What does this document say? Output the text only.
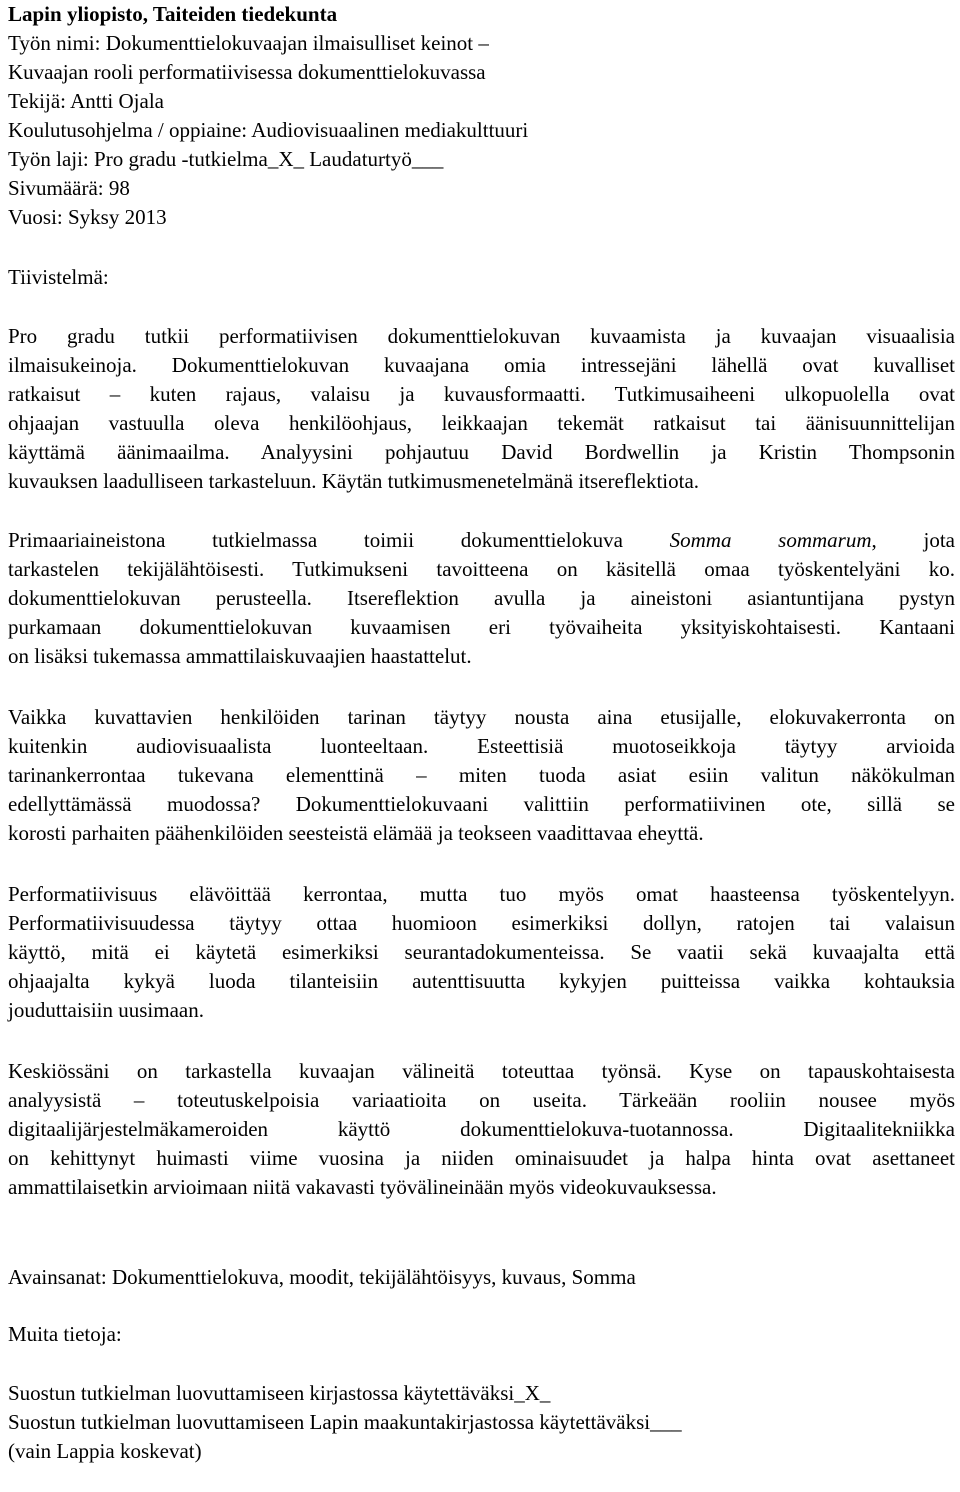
Lapin yliopisto, Taiteiden tiedekunta
Työn nimi: Dokumenttielokuvaajan ilmaisulliset keinot –
Kuvaajan rooli performatiivisessa dokumenttielokuvassa
Tekijä: Antti Ojala
Koulutusohjelma / oppiaine: Audiovisuaalinen mediakulttuuri
Työn laji: Pro gradu -tutkielma_X_ Laudaturtyö___
Sivumäärä: 98
Vuosi: Syksy 2013
Tiivistelmä:
Pro gradu tutkii performatiivisen dokumenttielokuvan kuvaamista ja kuvaajan visuaalisia
ilmaisukeinoja. Dokumenttielokuvan kuvaajana omia intressejäni lähellä ovat kuvalliset
ratkaisut – kuten rajaus, valaisu ja kuvausformaatti. Tutkimusaiheeni ulkopuolella ovat
ohjaajan vastuulla oleva henkilöohjaus, leikkaajan tekemät ratkaisut tai äänisuunnittelijan
käyttämä äänimaailma. Analyysini pohjautuu David Bordwellin ja Kristin Thompsonin
kuvauksen laadulliseen tarkasteluun. Käytän tutkimusmenetelmänä itsereflektiota.
Primaariaineistona tutkielmassa toimii dokumenttielokuva Somma sommarum, jota
tarkastelen tekijälähtöisesti. Tutkimukseni tavoitteena on käsitellä omaa työskentelyäni ko.
dokumenttielokuvan perusteella. Itsereflektion avulla ja aineistoni asiantuntijana pystyn
purkamaan dokumenttielokuvan kuvaamisen eri työvaiheita yksityiskohtaisesti. Kantaani
on lisäksi tukemassa ammattilaiskuvaajien haastattelut.
Vaikka kuvattavien henkilöiden tarinan täytyy nousta aina etusijalle, elokuvakerronta on
kuitenkin audiovisuaalista luonteeltaan. Esteettisiä muotoseikkoja täytyy arvioida
tarinankerrontaa tukevana elementtinä – miten tuoda asiat esiin valitun näkökulman
edellyttämässä muodossa? Dokumenttielokuvaani valittiin performatiivinen ote, sillä se
korosti parhaiten päähenkilöiden seesteistä elämää ja teokseen vaadittavaa eheyttä.
Performatiivisuus elävöittää kerrontaa, mutta tuo myös omat haasteensa työskentelyyn.
Performatiivisuudessa täytyy ottaa huomioon esimerkiksi dollyn, ratojen tai valaisun
käyttö, mitä ei käytetä esimerkiksi seurantadokumenteissa. Se vaatii sekä kuvaajalta että
ohjaajalta kykyä luoda tilanteisiin autenttisuutta kykyjen puitteissa vaikka kohtauksia
jouduttaisiin uusimaan.
Keskiössäni on tarkastella kuvaajan välineitä toteuttaa työnsä. Kyse on tapauskohtaisesta
analyysistä – toteutuskelpoisia variaatioita on useita. Tärkeään rooliin nousee myös
digitaalijärjestelmäkameroiden käyttö dokumenttielokuva-tuotannossa. Digitaalitekniikka
on kehittynyt huimasti viime vuosina ja niiden ominaisuudet ja halpa hinta ovat asettaneet
ammattilaisetkin arvioimaan niitä vakavasti työvälineinään myös videokuvauksessa.
Avainsanat: Dokumenttielokuva, moodit, tekijälähtöisyys, kuvaus, Somma
Muita tietoja:
Suostun tutkielman luovuttamiseen kirjastossa käytettäväksi_X_
Suostun tutkielman luovuttamiseen Lapin maakuntakirjastossa käytettäväksi___
(vain Lappia koskevat)
